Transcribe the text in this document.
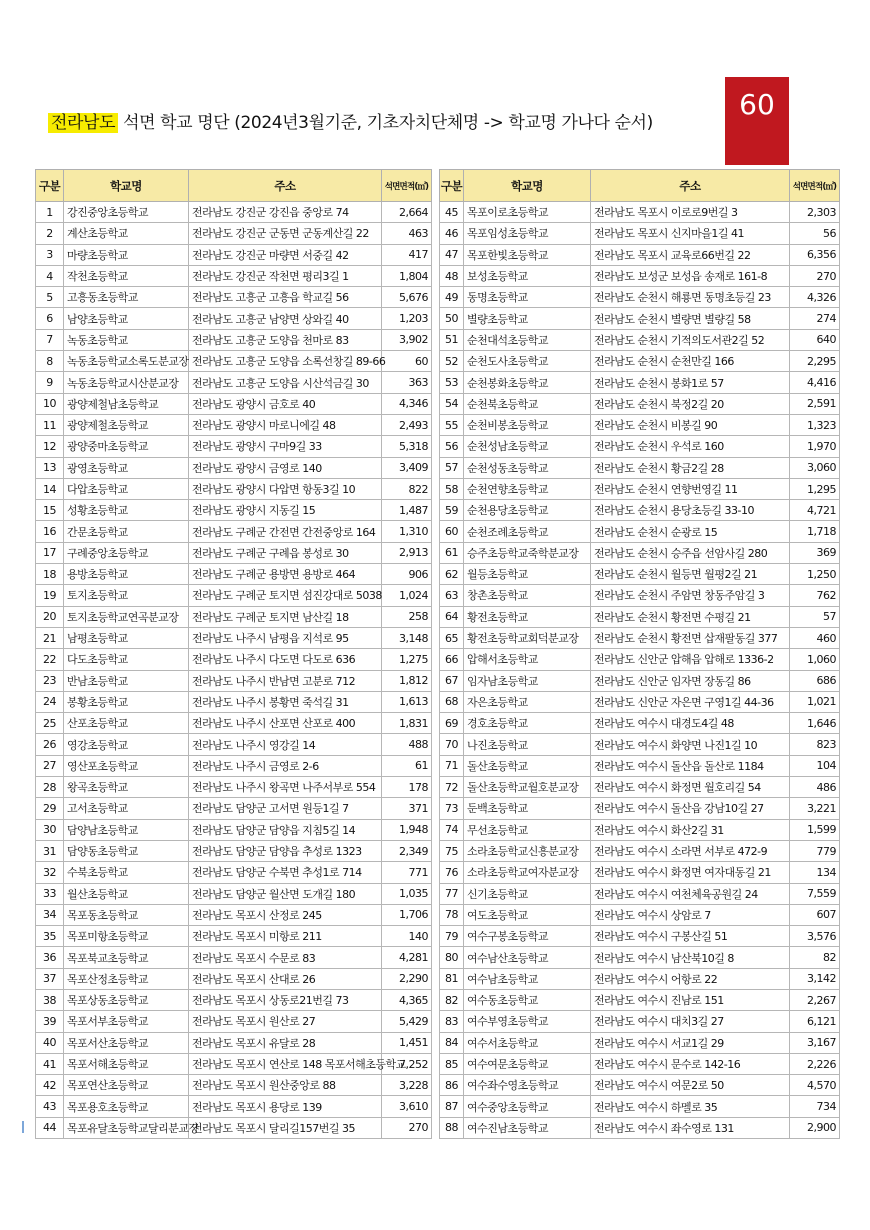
60
전라남도 석면 학교 명단 (2024년3월기준, 기초자치단체명 -> 학교명 가나다 순서)
구분	학교명	주소	석면면적(㎡)
1	강진중앙초등학교	전라남도 강진군 강진읍 중앙로 74	2,664
2	계산초등학교	전라남도 강진군 군동면 군동계산길 22	463
3	마량초등학교	전라남도 강진군 마량면 서중길 42	417
4	작천초등학교	전라남도 강진군 작천면 평리3길 1	1,804
5	고흥동초등학교	전라남도 고흥군 고흥읍 학교길 56	5,676
6	남양초등학교	전라남도 고흥군 남양면 상와길 40	1,203
7	녹동초등학교	전라남도 고흥군 도양읍 천마로 83	3,902
8	녹동초등학교소록도분교장	전라남도 고흥군 도양읍 소록선창길 89-66	60
9	녹동초등학교시산분교장	전라남도 고흥군 도양읍 시산석금길 30	363
10	광양제철남초등학교	전라남도 광양시 금호로 40	4,346
11	광양제철초등학교	전라남도 광양시 마로니에길 48	2,493
12	광양중마초등학교	전라남도 광양시 구마9길 33	5,318
13	광영초등학교	전라남도 광양시 금영로 140	3,409
14	다압초등학교	전라남도 광양시 다압면 항동3길 10	822
15	성황초등학교	전라남도 광양시 지동길 15	1,487
16	간문초등학교	전라남도 구례군 간전면 간전중앙로 164	1,310
17	구례중앙초등학교	전라남도 구례군 구례읍 봉성로 30	2,913
18	용방초등학교	전라남도 구례군 용방면 용방로 464	906
19	토지초등학교	전라남도 구례군 토지면 섬진강대로 5038	1,024
20	토지초등학교연곡분교장	전라남도 구례군 토지면 남산길 18	258
21	남평초등학교	전라남도 나주시 남평읍 지석로 95	3,148
22	다도초등학교	전라남도 나주시 다도면 다도로 636	1,275
23	반남초등학교	전라남도 나주시 반남면 고분로 712	1,812
24	봉황초등학교	전라남도 나주시 봉황면 죽석길 31	1,613
25	산포초등학교	전라남도 나주시 산포면 산포로 400	1,831
26	영강초등학교	전라남도 나주시 영강길 14	488
27	영산포초등학교	전라남도 나주시 금영로 2-6	61
28	왕곡초등학교	전라남도 나주시 왕곡면 나주서부로 554	178
29	고서초등학교	전라남도 담양군 고서면 원등1길 7	371
30	담양남초등학교	전라남도 담양군 담양읍 지침5길 14	1,948
31	담양동초등학교	전라남도 담양군 담양읍 추성로 1323	2,349
32	수북초등학교	전라남도 담양군 수북면 추성1로 714	771
33	월산초등학교	전라남도 담양군 월산면 도개길 180	1,035
34	목포동초등학교	전라남도 목포시 산정로 245	1,706
35	목포미항초등학교	전라남도 목포시 미항로 211	140
36	목포북교초등학교	전라남도 목포시 수문로 83	4,281
37	목포산정초등학교	전라남도 목포시 산대로 26	2,290
38	목포상동초등학교	전라남도 목포시 상동로21번길 73	4,365
39	목포서부초등학교	전라남도 목포시 원산로 27	5,429
40	목포서산초등학교	전라남도 목포시 유달로 28	1,451
41	목포서해초등학교	전라남도 목포시 연산로 148 목포서해초등학교	7,252
42	목포연산초등학교	전라남도 목포시 원산중앙로 88	3,228
43	목포용호초등학교	전라남도 목포시 용당로 139	3,610
44	목포유달초등학교달리분교장	전라남도 목포시 달리길157번길 35	270
구분	학교명	주소	석면면적(㎡)
45	목포이로초등학교	전라남도 목포시 이로로9번길 3	2,303
46	목포임성초등학교	전라남도 목포시 신지마을1길 41	56
47	목포한빛초등학교	전라남도 목포시 교육로66번길 22	6,356
48	보성초등학교	전라남도 보성군 보성읍 송재로 161-8	270
49	동명초등학교	전라남도 순천시 해룡면 동명초등길 23	4,326
50	별량초등학교	전라남도 순천시 별량면 별량길 58	274
51	순천대석초등학교	전라남도 순천시 기적의도서관2길 52	640
52	순천도사초등학교	전라남도 순천시 순천만길 166	2,295
53	순천봉화초등학교	전라남도 순천시 봉화1로 57	4,416
54	순천북초등학교	전라남도 순천시 북정2길 20	2,591
55	순천비봉초등학교	전라남도 순천시 비봉길 90	1,323
56	순천성남초등학교	전라남도 순천시 우석로 160	1,970
57	순천성동초등학교	전라남도 순천시 황금2길 28	3,060
58	순천연향초등학교	전라남도 순천시 연향번영길 11	1,295
59	순천용당초등학교	전라남도 순천시 용당초등길 33-10	4,721
60	순천조례초등학교	전라남도 순천시 순광로 15	1,718
61	승주초등학교죽학분교장	전라남도 순천시 승주읍 선암사길 280	369
62	월등초등학교	전라남도 순천시 월등면 월평2길 21	1,250
63	창촌초등학교	전라남도 순천시 주암면 창동주암길 3	762
64	황전초등학교	전라남도 순천시 황전면 수평길 21	57
65	황전초등학교회덕분교장	전라남도 순천시 황전면 삽재팔동길 377	460
66	압해서초등학교	전라남도 신안군 압해읍 압해로 1336-2	1,060
67	임자남초등학교	전라남도 신안군 임자면 장동길 86	686
68	자은초등학교	전라남도 신안군 자은면 구영1길 44-36	1,021
69	경호초등학교	전라남도 여수시 대경도4길 48	1,646
70	나진초등학교	전라남도 여수시 화양면 나진1길 10	823
71	돌산초등학교	전라남도 여수시 돌산읍 돌산로 1184	104
72	돌산초등학교월호분교장	전라남도 여수시 화정면 월호리길 54	486
73	둔백초등학교	전라남도 여수시 돌산읍 강남10길 27	3,221
74	무선초등학교	전라남도 여수시 화산2길 31	1,599
75	소라초등학교신흥분교장	전라남도 여수시 소라면 서부로 472-9	779
76	소라초등학교여자분교장	전라남도 여수시 화정면 여자대동길 21	134
77	신기초등학교	전라남도 여수시 여천체육공원길 24	7,559
78	여도초등학교	전라남도 여수시 상암로 7	607
79	여수구봉초등학교	전라남도 여수시 구봉산길 51	3,576
80	여수남산초등학교	전라남도 여수시 남산북10길 8	82
81	여수남초등학교	전라남도 여수시 어항로 22	3,142
82	여수동초등학교	전라남도 여수시 진남로 151	2,267
83	여수부영초등학교	전라남도 여수시 대치3길 27	6,121
84	여수서초등학교	전라남도 여수시 서교1길 29	3,167
85	여수여문초등학교	전라남도 여수시 문수로 142-16	2,226
86	여수좌수영초등학교	전라남도 여수시 여문2로 50	4,570
87	여수중앙초등학교	전라남도 여수시 하멜로 35	734
88	여수진남초등학교	전라남도 여수시 좌수영로 131	2,900
